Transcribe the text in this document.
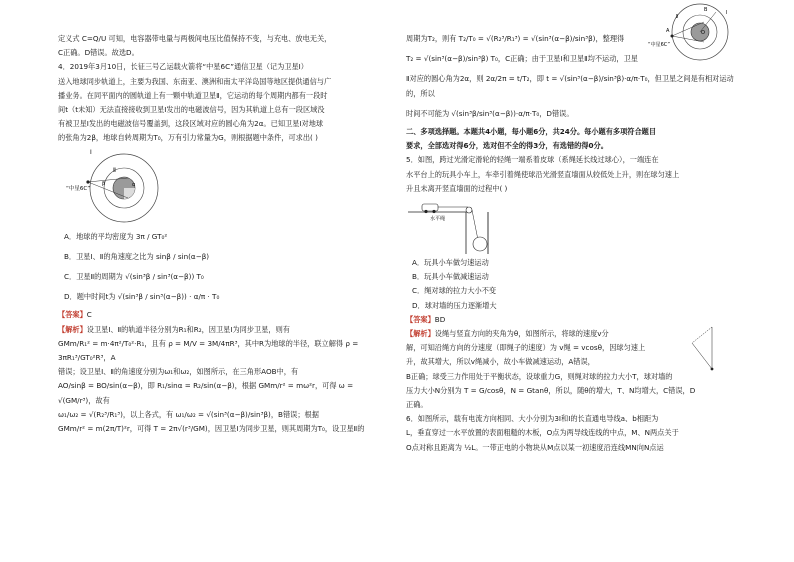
定义式 C=Q/U 可知，电容器带电量与两极间电压比值保持不变，与充电、放电无关，

C正确。D错误。故选D。

4．2019年3月10日，长征三号乙运载火箭将“中星6C”通信卫星（记为卫星Ⅰ）

送入地球同步轨道上，主要为我国、东南亚、澳洲和南太平洋岛国等地区提供通信与广

播业务。在同平面内的圆轨道上有一颗中轨道卫星Ⅱ，它运动的每个周期内都有一段时

间t（t未知）无法直接接收到卫星Ⅰ发出的电磁波信号，因为其轨道上总有一段区域没

有被卫星Ⅰ发出的电磁波信号覆盖到，这段区域对应的圆心角为2α。已知卫星Ⅰ对地球

的张角为2β，地球自转周期为T₀，万有引力常量为G，则根据题中条件，可求出( )

Ⅰ
Ⅱ
“中星6C”
α
β

A．地球的平均密度为 3π / GT₀²

B．卫星Ⅰ、Ⅱ的角速度之比为 sinβ / sin(α−β)

C．卫星Ⅱ的周期为 √(sin³β / sin³(α−β)) T₀

D．题中时间t为 √(sin³β / sin³(α−β)) · α/π · T₀

【答案】C

【解析】设卫星Ⅰ、Ⅱ的轨道半径分别为R₁和R₂，因卫星Ⅰ为同步卫星，则有

GMm/R₁² = m·4π²/T₀²·R₁，且有 ρ = M/V = 3M/4πR³，其中R为地球的半径，联立解得 ρ = 3πR₁³/GT₀²R³，A

错误；设卫星Ⅰ、Ⅱ的角速度分别为ω₁和ω₂，如图所示，在三角形AOB中，有

AO/sinβ = BO/sin(α−β)，即 R₁/sinα = R₂/sin(α−β)，根据 GMm/r² = mω²r，可得 ω = √(GM/r³)，故有

ω₁/ω₂ = √(R₂³/R₁³)，以上各式，有 ω₁/ω₂ = √(sin³(α−β)/sin³β)，B错误；根据

GMm/r² = m(2π/T)²r，可得 T = 2π√(r³/GM)，因卫星Ⅰ为同步卫星，则其周期为T₀，设卫星Ⅱ的

B
A	O
Ⅱ
Ⅰ
“中星6C”

周期为T₂，则有 T₂/T₀ = √(R₂³/R₁³) = √(sin³(α−β)/sin³β)，整理得

T₂ = √(sin³(α−β)/sin³β) T₀，C正确；由于卫星Ⅰ和卫星Ⅱ均不运动，卫星

Ⅱ对应的圆心角为2α，则 2α/2π = t/T₂，即 t = √(sin³(α−β)/sin³β)·α/π·T₀，但卫星之间是有相对运动的，所以

时间不可能为 √(sin³β/sin³(α−β))·α/π·T₀，D错误。

二、多项选择题。本题共4小题，每小题6分，共24分。每小题有多项符合题目

要求，全部选对得6分，选对但不全的得3分，有选错的得0分。

5．如图，跨过光滑定滑轮的轻绳一端系着皮球（系绳延长线过球心），一端连在

水平台上的玩具小车上，车牵引着绳使球沿光滑竖直墙面从较低处上升，则在球匀速上

升且未离开竖直墙面的过程中( )

水平绳

A．玩具小车做匀速运动

B．玩具小车做减速运动

C．绳对球的拉力大小不变

D．球对墙的压力逐渐增大

【答案】BD

【解析】设绳与竖直方向的夹角为θ，如图所示，将球的速度v分

解，可知沿绳方向的分速度（即绳子的速度）为 v绳 = vcosθ，因球匀速上

升，故其增大，所以v绳减小，故小车做减速运动，A错误，

B正确；球受三力作用处于平衡状态，设球重力G，则绳对球的拉力大小T，球对墙的

压力大小N分别为 T = G/cosθ，N = Gtanθ，所以，随θ的增大，T、N均增大，C错误，D

正确。

6．如图所示，载有电流方向相同、大小分别为3I和I的长直通电导线a、b相距为

L，垂直穿过一水平放置的表面粗糙的木板，O点为两导线连线的中点，M、N两点关于

O点对称且距离为 ½L。一带正电的小物块从M点以某一初速度沿连线MN向N点运
